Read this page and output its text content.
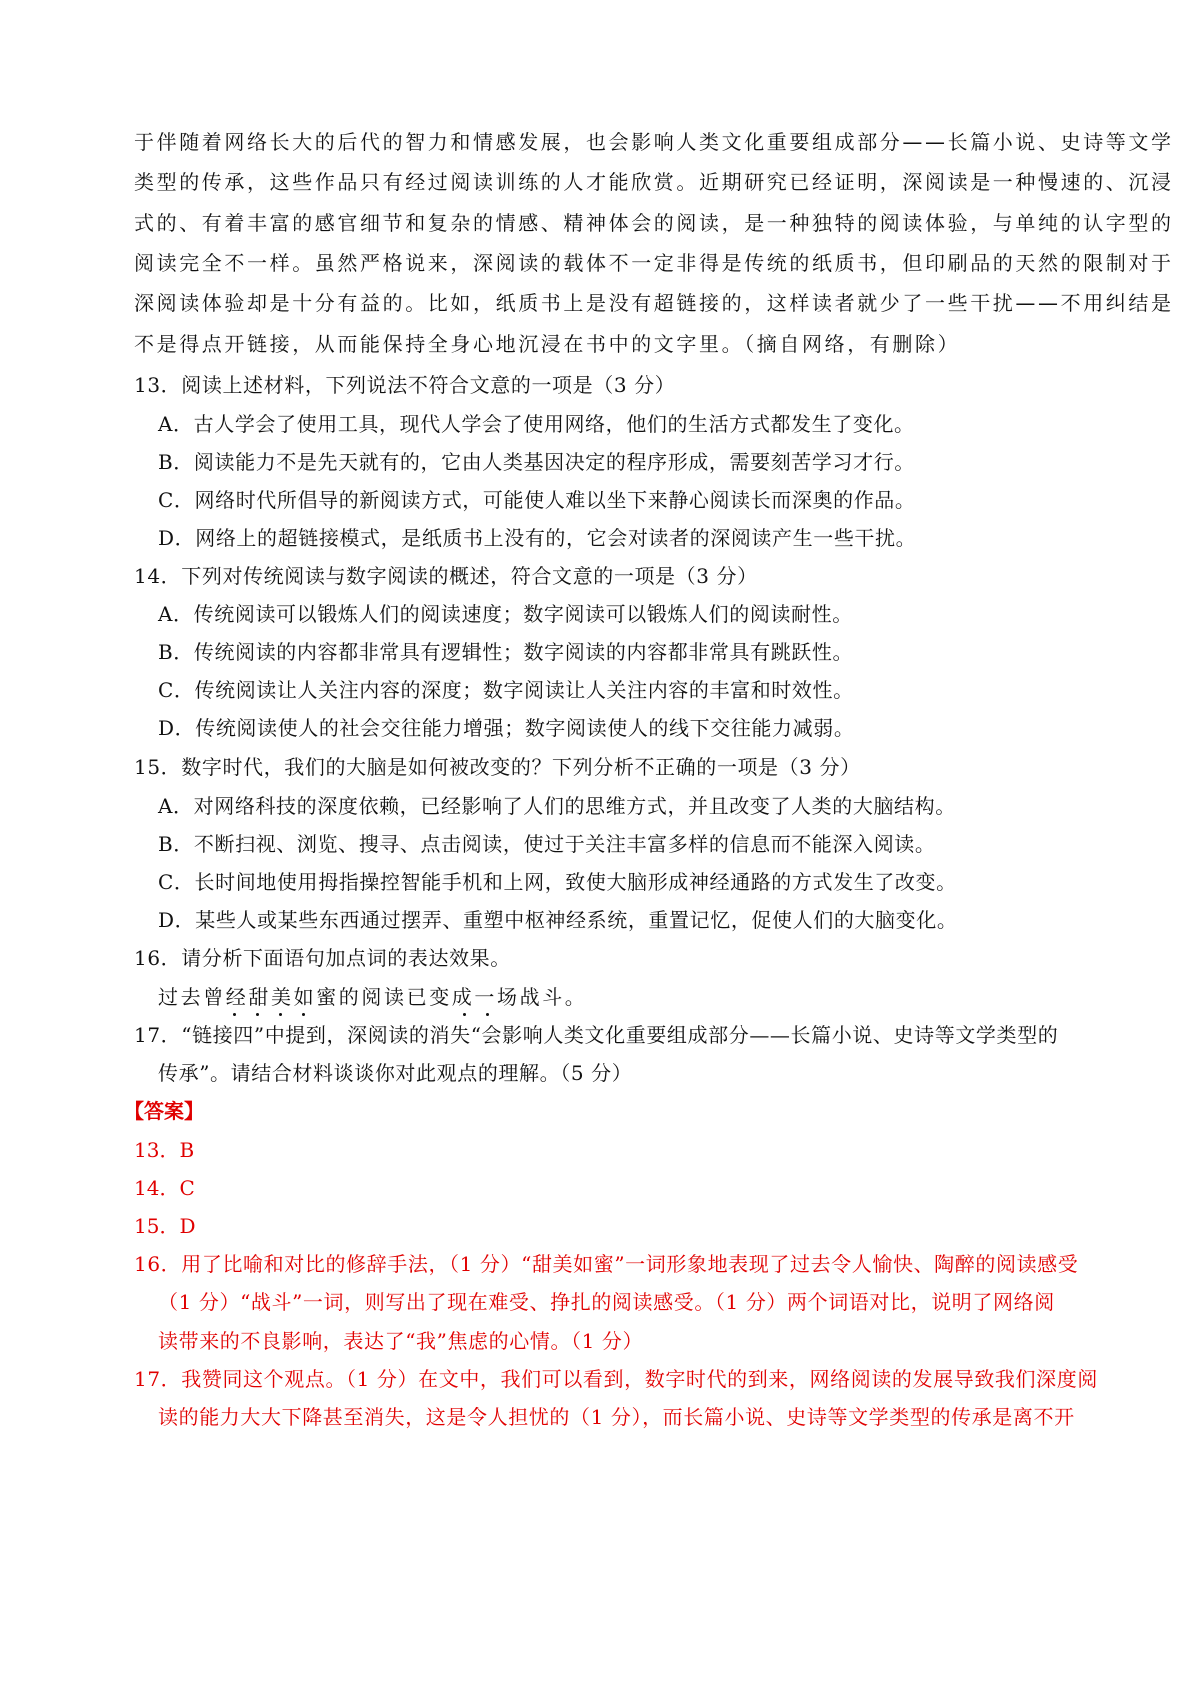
于伴随着网络长大的后代的智力和情感发展，也会影响人类文化重要组成部分——长篇小说、史诗等文学
类型的传承，这些作品只有经过阅读训练的人才能欣赏。近期研究已经证明，深阅读是一种慢速的、沉浸
式的、有着丰富的感官细节和复杂的情感、精神体会的阅读，是一种独特的阅读体验，与单纯的认字型的
阅读完全不一样。虽然严格说来，深阅读的载体不一定非得是传统的纸质书，但印刷品的天然的限制对于
深阅读体验却是十分有益的。比如，纸质书上是没有超链接的，这样读者就少了一些干扰——不用纠结是
不是得点开链接，从而能保持全身心地沉浸在书中的文字里。（摘自网络，有删除）
13．阅读上述材料，下列说法不符合文意的一项是（3 分）
A．古人学会了使用工具，现代人学会了使用网络，他们的生活方式都发生了变化。
B．阅读能力不是先天就有的，它由人类基因决定的程序形成，需要刻苦学习才行。
C．网络时代所倡导的新阅读方式，可能使人难以坐下来静心阅读长而深奥的作品。
D．网络上的超链接模式，是纸质书上没有的，它会对读者的深阅读产生一些干扰。
14．下列对传统阅读与数字阅读的概述，符合文意的一项是（3 分）
A．传统阅读可以锻炼人们的阅读速度；数字阅读可以锻炼人们的阅读耐性。
B．传统阅读的内容都非常具有逻辑性；数字阅读的内容都非常具有跳跃性。
C．传统阅读让人关注内容的深度；数字阅读让人关注内容的丰富和时效性。
D．传统阅读使人的社会交往能力增强；数字阅读使人的线下交往能力减弱。
15．数字时代，我们的大脑是如何被改变的？下列分析不正确的一项是（3 分）
A．对网络科技的深度依赖，已经影响了人们的思维方式，并且改变了人类的大脑结构。
B．不断扫视、浏览、搜寻、点击阅读，使过于关注丰富多样的信息而不能深入阅读。
C．长时间地使用拇指操控智能手机和上网，致使大脑形成神经通路的方式发生了改变。
D．某些人或某些东西通过摆弄、重塑中枢神经系统，重置记忆，促使人们的大脑变化。
16．请分析下面语句加点词的表达效果。
过去曾经甜美如蜜的阅读已变成一场战斗。
17．“链接四”中提到，深阅读的消失“会影响人类文化重要组成部分——长篇小说、史诗等文学类型的
传承”。请结合材料谈谈你对此观点的理解。（5 分）
【答案】
13．B
14．C
15．D
16．用了比喻和对比的修辞手法，（1 分）“甜美如蜜”一词形象地表现了过去令人愉快、陶醉的阅读感受
（1 分）“战斗”一词，则写出了现在难受、挣扎的阅读感受。（1 分）两个词语对比，说明了网络阅
读带来的不良影响，表达了“我”焦虑的心情。（1 分）
17．我赞同这个观点。（1 分）在文中，我们可以看到，数字时代的到来，网络阅读的发展导致我们深度阅
读的能力大大下降甚至消失，这是令人担忧的（1 分），而长篇小说、史诗等文学类型的传承是离不开
